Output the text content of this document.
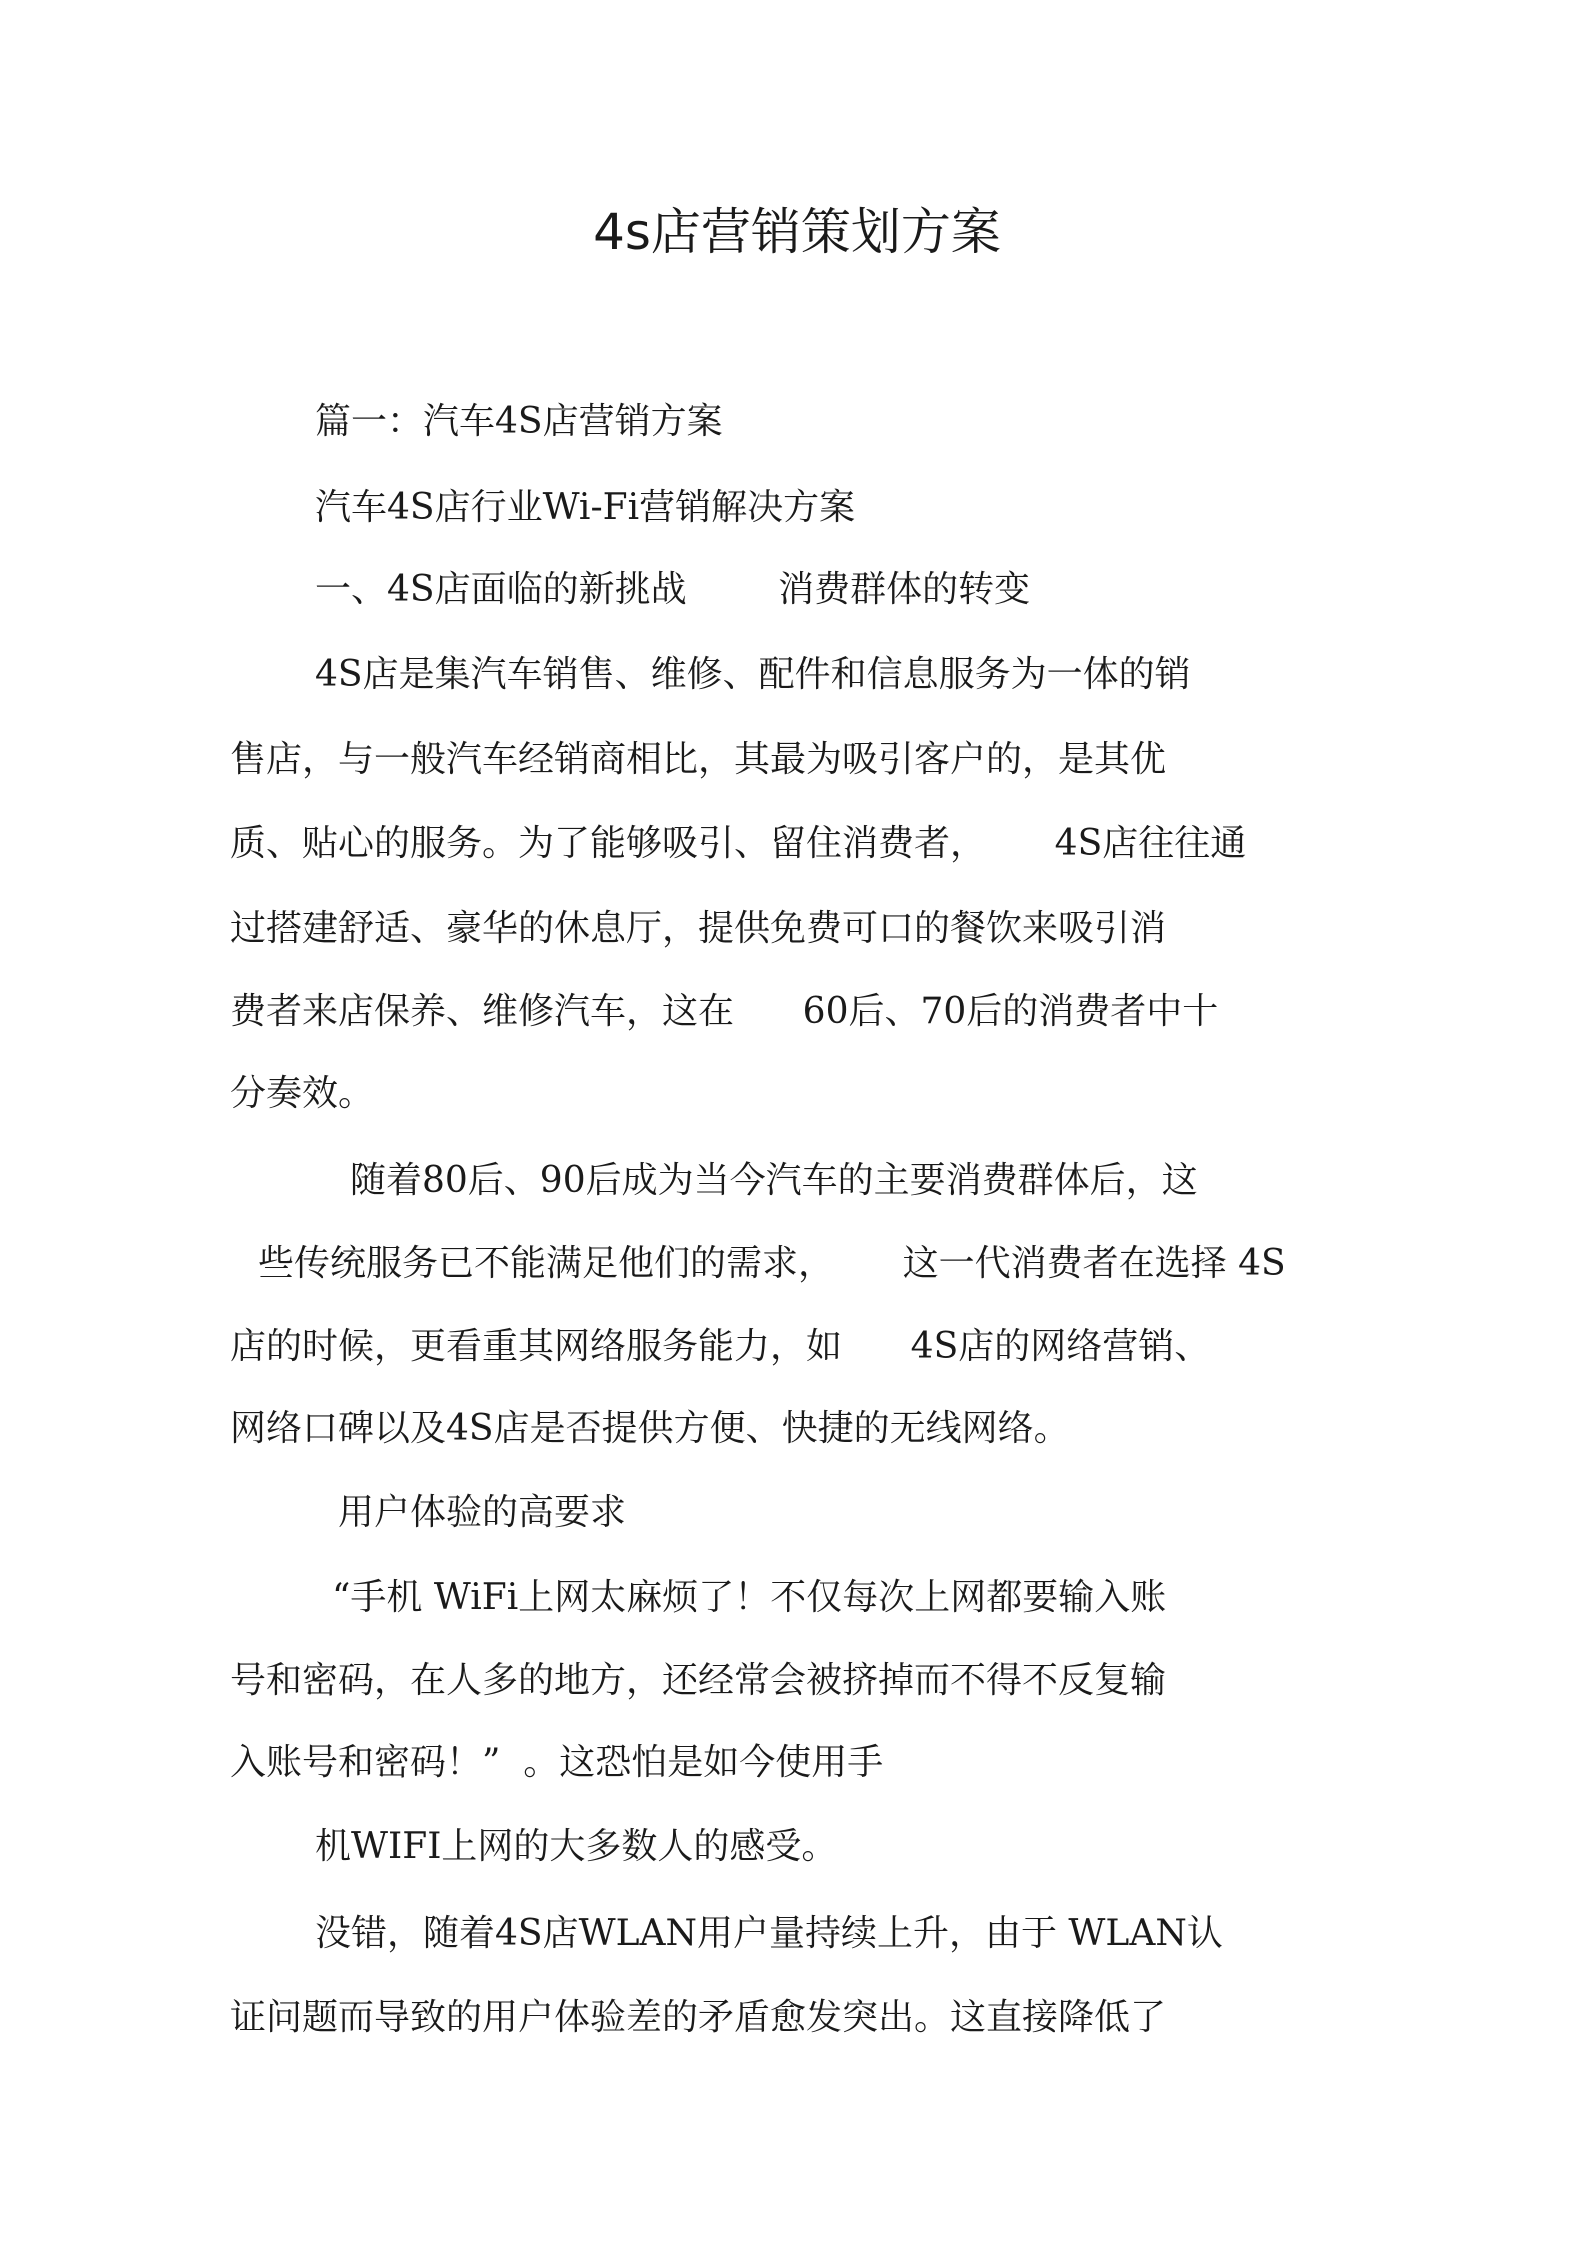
4s店营销策划方案

篇一：汽车4S店营销方案

汽车4S店行业Wi-Fi营销解决方案

一、4S店面临的新挑战        消费群体的转变

4S店是集汽车销售、维修、配件和信息服务为一体的销

售店，与一般汽车经销商相比，其最为吸引客户的，是其优

质、贴心的服务。为了能够吸引、留住消费者，      4S店往往通

过搭建舒适、豪华的休息厅，提供免费可口的餐饮来吸引消

费者来店保养、维修汽车，这在      60后、70后的消费者中十

分奏效。

随着80后、90后成为当今汽车的主要消费群体后，这

些传统服务已不能满足他们的需求，      这一代消费者在选择 4S

店的时候，更看重其网络服务能力，如      4S店的网络营销、

网络口碑以及4S店是否提供方便、快捷的无线网络。

用户体验的高要求

“手机 WiFi上网太麻烦了！不仅每次上网都要输入账

号和密码，在人多的地方，还经常会被挤掉而不得不反复输

入账号和密码！”  。这恐怕是如今使用手

机WIFI上网的大多数人的感受。

没错，随着4S店WLAN用户量持续上升，由于 WLAN认

证问题而导致的用户体验差的矛盾愈发突出。这直接降低了
